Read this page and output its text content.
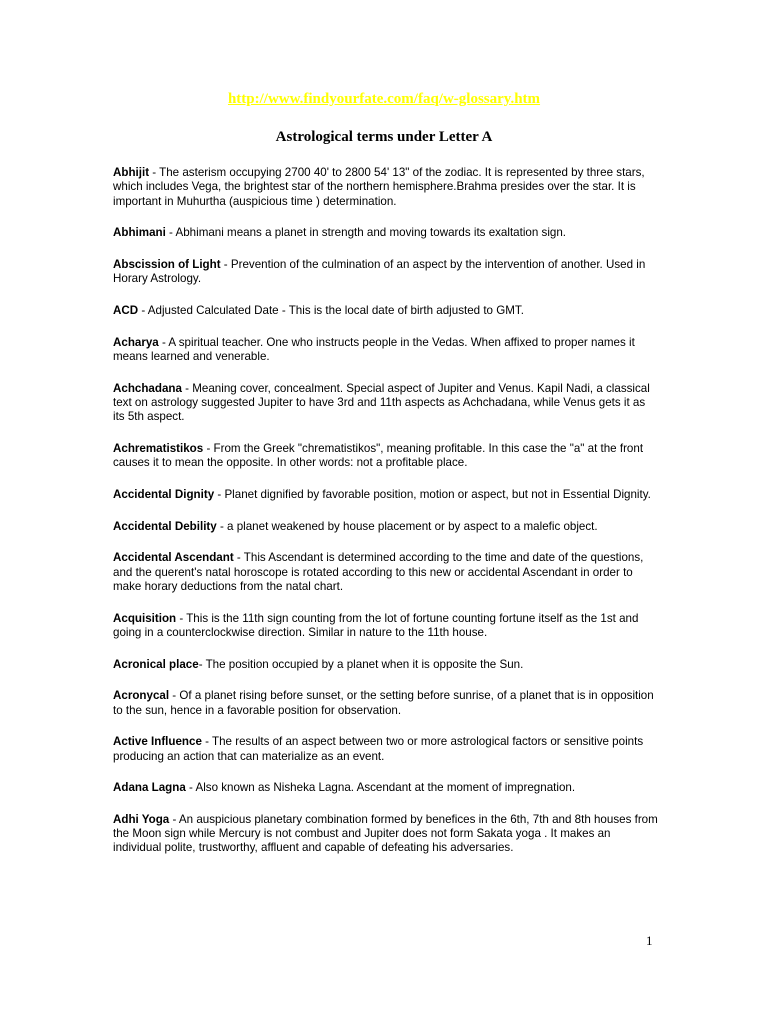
http://www.findyourfate.com/faq/w-glossary.htm
Astrological terms under Letter A
Abhijit - The asterism occupying 2700 40' to 2800 54' 13" of the zodiac. It is represented by three stars, which includes Vega, the brightest star of the northern hemisphere.Brahma presides over the star. It is important in Muhurtha (auspicious time ) determination.
Abhimani - Abhimani means a planet in strength and moving towards its exaltation sign.
Abscission of Light - Prevention of the culmination of an aspect by the intervention of another. Used in Horary Astrology.
ACD - Adjusted Calculated Date - This is the local date of birth adjusted to GMT.
Acharya - A spiritual teacher. One who instructs people in the Vedas. When affixed to proper names it means learned and venerable.
Achchadana - Meaning cover, concealment. Special aspect of Jupiter and Venus. Kapil Nadi, a classical text on astrology suggested Jupiter to have 3rd and 11th aspects as Achchadana, while Venus gets it as its 5th aspect.
Achrematistikos - From the Greek "chrematistikos", meaning profitable. In this case the "a" at the front causes it to mean the opposite. In other words: not a profitable place.
Accidental Dignity - Planet dignified by favorable position, motion or aspect, but not in Essential Dignity.
Accidental Debility - a planet weakened by house placement or by aspect to a malefic object.
Accidental Ascendant - This Ascendant is determined according to the time and date of the questions, and the querent's natal horoscope is rotated according to this new or accidental Ascendant in order to make horary deductions from the natal chart.
Acquisition - This is the 11th sign counting from the lot of fortune counting fortune itself as the 1st and going in a counterclockwise direction. Similar in nature to the 11th house.
Acronical place- The position occupied by a planet when it is opposite the Sun.
Acronycal - Of a planet rising before sunset, or the setting before sunrise, of a planet that is in opposition to the sun, hence in a favorable position for observation.
Active Influence - The results of an aspect between two or more astrological factors or sensitive points producing an action that can materialize as an event.
Adana Lagna - Also known as Nisheka Lagna. Ascendant at the moment of impregnation.
Adhi Yoga - An auspicious planetary combination formed by benefices in the 6th, 7th and 8th houses from the Moon sign while Mercury is not combust and Jupiter does not form Sakata yoga . It makes an individual polite, trustworthy, affluent and capable of defeating his adversaries.
1
